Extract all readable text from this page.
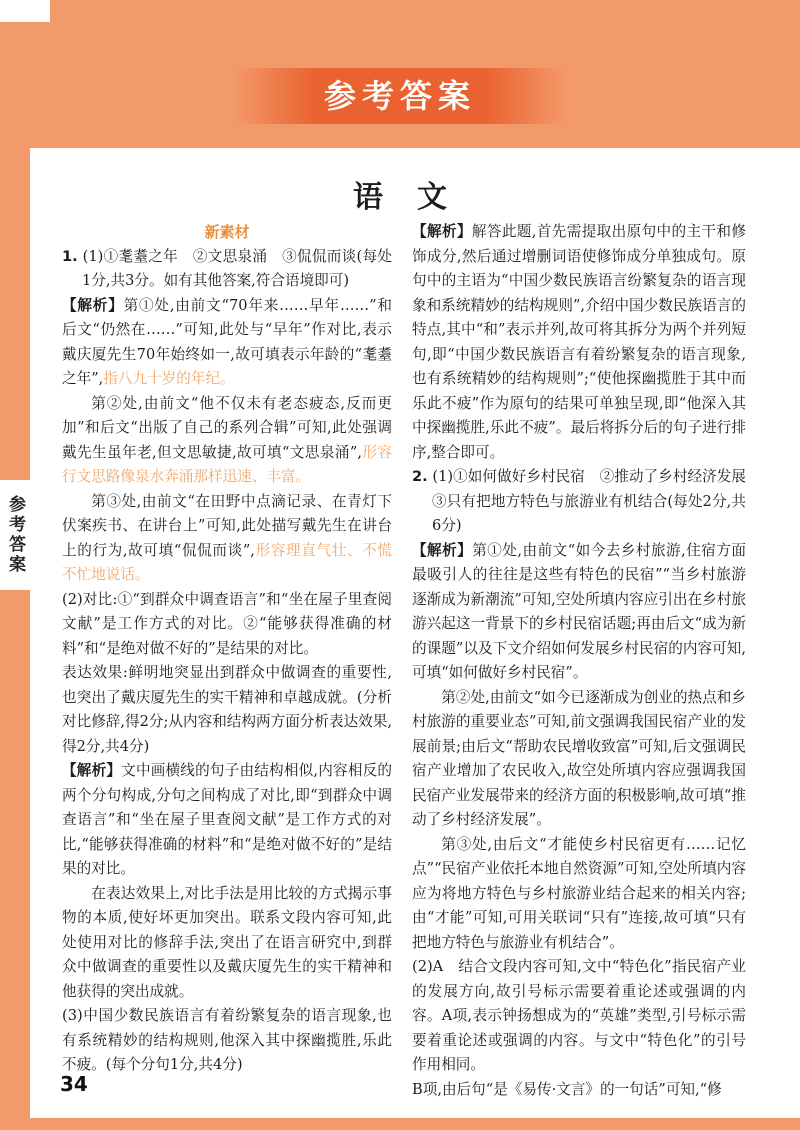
参考答案
参考答案
语文

新素材

1. (1)①耄耋之年　②文思泉涌　③侃侃而谈(每处1分,共3分。如有其他答案,符合语境即可)

【解析】第①处,由前文“70年来……早年……”和后文“仍然在……”可知,此处与“早年”作对比,表示戴庆厦先生70年始终如一,故可填表示年龄的“耄耋之年”,指八九十岁的年纪。

第②处,由前文“他不仅未有老态疲态,反而更加”和后文“出版了自己的系列合辑”可知,此处强调戴先生虽年老,但文思敏捷,故可填“文思泉涌”,形容行文思路像泉水奔涌那样迅速、丰富。

第③处,由前文“在田野中点滴记录、在青灯下伏案疾书、在讲台上”可知,此处描写戴先生在讲台上的行为,故可填“侃侃而谈”,形容理直气壮、不慌不忙地说话。

(2)对比:①“到群众中调查语言”和“坐在屋子里查阅文献”是工作方式的对比。②“能够获得准确的材料”和“是绝对做不好的”是结果的对比。

表达效果:鲜明地突显出到群众中做调查的重要性,也突出了戴庆厦先生的实干精神和卓越成就。(分析对比修辞,得2分;从内容和结构两方面分析表达效果,得2分,共4分)

【解析】文中画横线的句子由结构相似,内容相反的两个分句构成,分句之间构成了对比,即“到群众中调查语言”和“坐在屋子里查阅文献”是工作方式的对比,“能够获得准确的材料”和“是绝对做不好的”是结果的对比。

在表达效果上,对比手法是用比较的方式揭示事物的本质,使好坏更加突出。联系文段内容可知,此处使用对比的修辞手法,突出了在语言研究中,到群众中做调查的重要性以及戴庆厦先生的实干精神和他获得的突出成就。

(3)中国少数民族语言有着纷繁复杂的语言现象,也有系统精妙的结构规则,他深入其中探幽揽胜,乐此不疲。(每个分句1分,共4分)

【解析】解答此题,首先需提取出原句中的主干和修饰成分,然后通过增删词语使修饰成分单独成句。原句中的主语为“中国少数民族语言纷繁复杂的语言现象和系统精妙的结构规则”,介绍中国少数民族语言的特点,其中“和”表示并列,故可将其拆分为两个并列短句,即“中国少数民族语言有着纷繁复杂的语言现象,也有系统精妙的结构规则”;“使他探幽揽胜于其中而乐此不疲”作为原句的结果可单独呈现,即“他深入其中探幽揽胜,乐此不疲”。最后将拆分后的句子进行排序,整合即可。

2. (1)①如何做好乡村民宿　②推动了乡村经济发展　③只有把地方特色与旅游业有机结合(每处2分,共6分)

【解析】第①处,由前文“如今去乡村旅游,住宿方面最吸引人的往往是这些有特色的民宿”“当乡村旅游逐渐成为新潮流”可知,空处所填内容应引出在乡村旅游兴起这一背景下的乡村民宿话题;再由后文“成为新的课题”以及下文介绍如何发展乡村民宿的内容可知,可填“如何做好乡村民宿”。

第②处,由前文“如今已逐渐成为创业的热点和乡村旅游的重要业态”可知,前文强调我国民宿产业的发展前景;由后文“帮助农民增收致富”可知,后文强调民宿产业增加了农民收入,故空处所填内容应强调我国民宿产业发展带来的经济方面的积极影响,故可填“推动了乡村经济发展”。

第③处,由后文“才能使乡村民宿更有……记忆点”“民宿产业依托本地自然资源”可知,空处所填内容应为将地方特色与乡村旅游业结合起来的相关内容;由“才能”可知,可用关联词“只有”连接,故可填“只有把地方特色与旅游业有机结合”。

(2)A　结合文段内容可知,文中“特色化”指民宿产业的发展方向,故引号标示需要着重论述或强调的内容。A项,表示钟扬想成为的“英雄”类型,引号标示需要着重论述或强调的内容。与文中“特色化”的引号作用相同。

B项,由后句“是《易传·文言》的一句话”可知,“修

34
